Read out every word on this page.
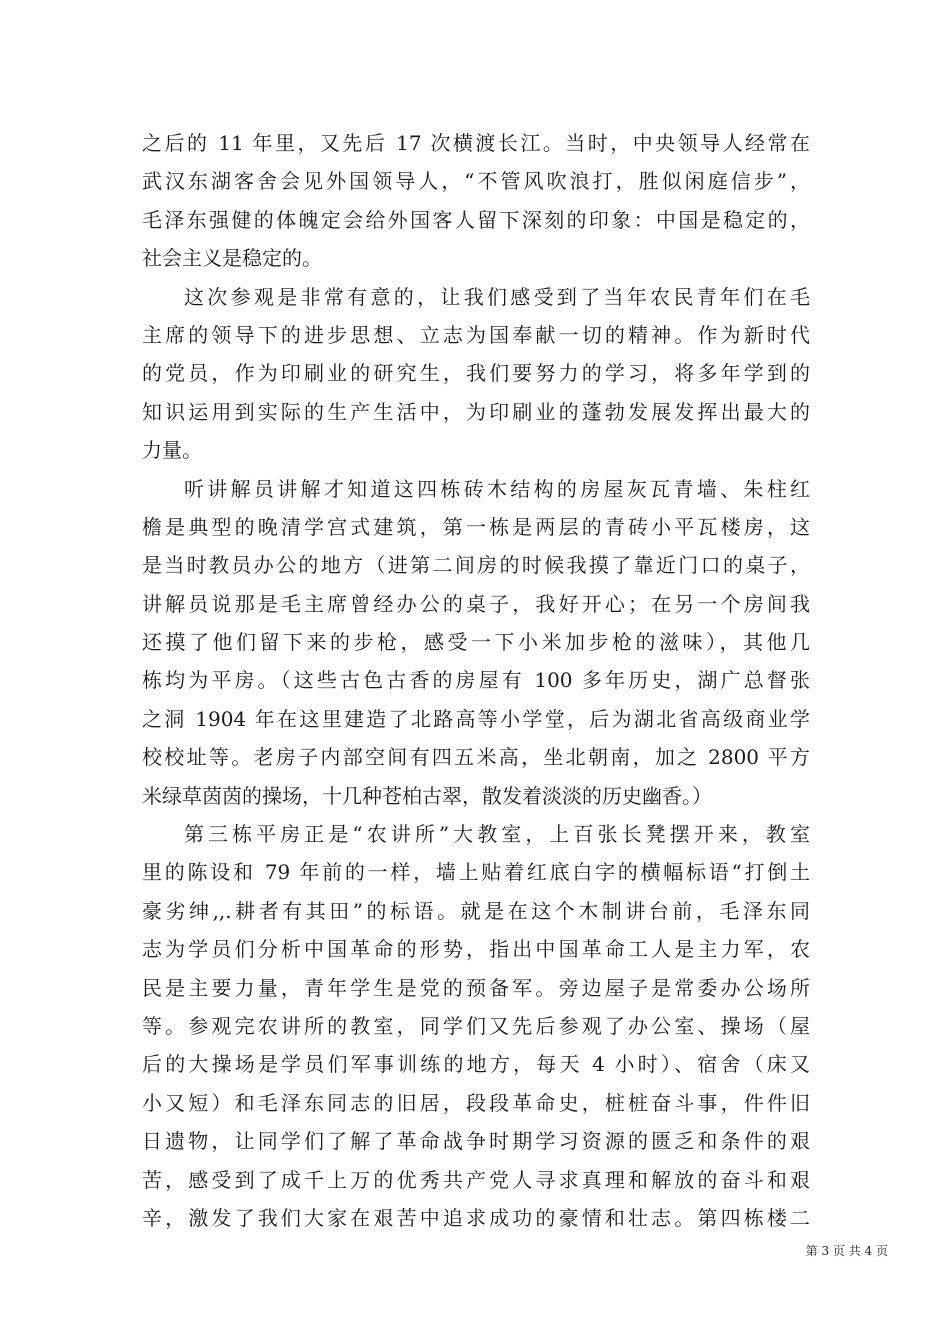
之后的 11 年里，又先后 17 次横渡长江。当时，中央领导人经常在
武汉东湖客舍会见外国领导人，“不管风吹浪打，胜似闲庭信步”，
毛泽东强健的体魄定会给外国客人留下深刻的印象：中国是稳定的，
社会主义是稳定的。
这次参观是非常有意的，让我们感受到了当年农民青年们在毛
主席的领导下的进步思想、立志为国奉献一切的精神。作为新时代
的党员，作为印刷业的研究生，我们要努力的学习，将多年学到的
知识运用到实际的生产生活中，为印刷业的蓬勃发展发挥出最大的
力量。
听讲解员讲解才知道这四栋砖木结构的房屋灰瓦青墙、朱柱红
檐是典型的晚清学宫式建筑，第一栋是两层的青砖小平瓦楼房，这
是当时教员办公的地方（进第二间房的时候我摸了靠近门口的桌子，
讲解员说那是毛主席曾经办公的桌子，我好开心；在另一个房间我
还摸了他们留下来的步枪，感受一下小米加步枪的滋味），其他几
栋均为平房。（这些古色古香的房屋有 100 多年历史，湖广总督张
之洞 1904 年在这里建造了北路高等小学堂，后为湖北省高级商业学
校校址等。老房子内部空间有四五米高，坐北朝南，加之 2800 平方
米绿草茵茵的操场，十几种苍柏古翠，散发着淡淡的历史幽香。）
第三栋平房正是“农讲所”大教室，上百张长凳摆开来，教室
里的陈设和 79 年前的一样，墙上贴着红底白字的横幅标语“打倒土
豪劣绅,,.耕者有其田”的标语。就是在这个木制讲台前，毛泽东同
志为学员们分析中国革命的形势，指出中国革命工人是主力军，农
民是主要力量，青年学生是党的预备军。旁边屋子是常委办公场所
等。参观完农讲所的教室，同学们又先后参观了办公室、操场（屋
后的大操场是学员们军事训练的地方，每天 4 小时）、宿舍（床又
小又短）和毛泽东同志的旧居，段段革命史，桩桩奋斗事，件件旧
日遗物，让同学们了解了革命战争时期学习资源的匮乏和条件的艰
苦，感受到了成千上万的优秀共产党人寻求真理和解放的奋斗和艰
辛，激发了我们大家在艰苦中追求成功的豪情和壮志。第四栋楼二
第 3 页 共 4 页
